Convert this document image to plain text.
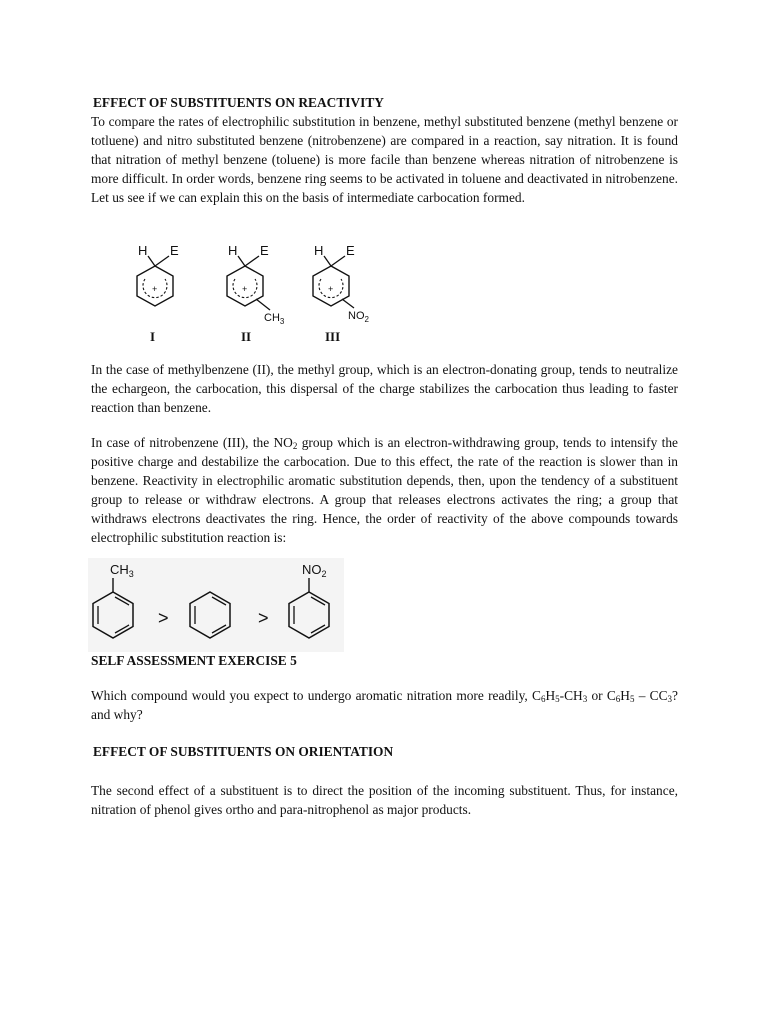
EFFECT OF SUBSTITUENTS ON REACTIVITY
To compare the rates of electrophilic substitution in benzene, methyl substituted benzene (methyl benzene or totluene) and nitro substituted benzene (nitrobenzene) are compared in a reaction, say nitration. It is found that nitration of methyl benzene (toluene) is more facile than benzene whereas nitration of nitrobenzene is more difficult. In order words, benzene ring seems to be activated in toluene and deactivated in nitrobenzene. Let us see if we can explain this on the basis of intermediate carbocation formed.
H E
+
I
H E
+
$CH_3$
II
H E
+
$NO_2$
III
In the case of methylbenzene (II), the methyl group, which is an electron-donating group, tends to neutralize the echargeon, the carbocation, this dispersal of the charge stabilizes the carbocation thus leading to faster reaction than benzene.
In case of nitrobenzene (III), the $NO_2$ group which is an electron-withdrawing group, tends to intensify the positive charge and destabilize the carbocation. Due to this effect, the rate of the reaction is slower than in benzene. Reactivity in electrophilic aromatic substitution depends, then, upon the tendency of a substituent group to release or withdraw electrons. A group that releases electrons activates the ring; a group that withdraws electrons deactivates the ring. Hence, the order of reactivity of the above compounds towards electrophilic substitution reaction is:
$CH_3$
>	>
$NO_2$
SELF ASSESSMENT EXERCISE 5
Which compound would you expect to undergo aromatic nitration more readily, $C_6H_5-CH_3$ or $C_6H_5 - CC_3$? and why?
EFFECT OF SUBSTITUENTS ON ORIENTATION
The second effect of a substituent is to direct the position of the incoming substituent. Thus, for instance, nitration of phenol gives ortho and para-nitrophenol as major products.
